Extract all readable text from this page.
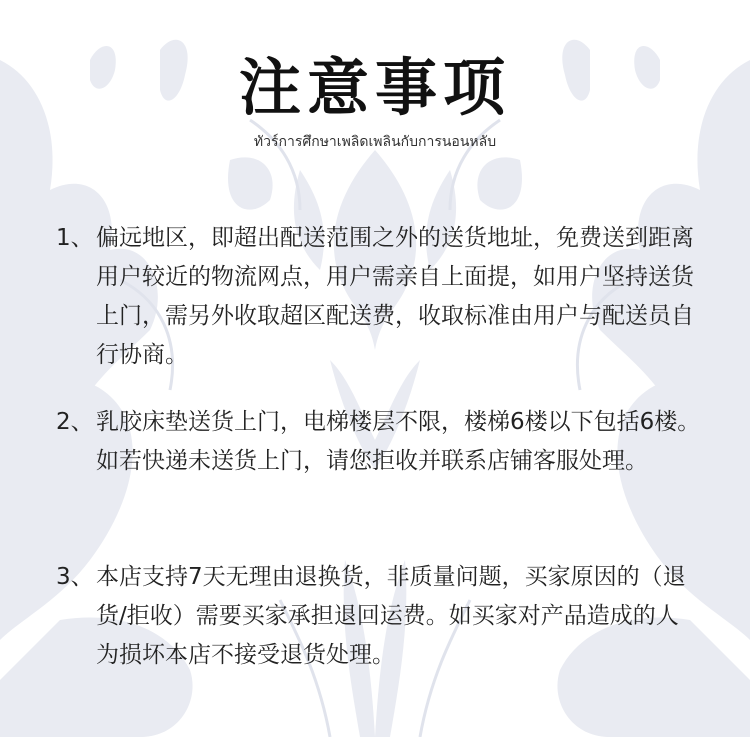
注意事项
ทัวร์การศึกษาเพลิดเพลินกับการนอนหลับ
1、 偏远地区，即超出配送范围之外的送货地址，免费送到距离用户较近的物流网点，用户需亲自上面提，如用户坚持送货上门，需另外收取超区配送费，收取标准由用户与配送员自行协商。
2、 乳胶床垫送货上门，电梯楼层不限，楼梯6楼以下包括6楼。如若快递未送货上门，请您拒收并联系店铺客服处理。
3、 本店支持7天无理由退换货，非质量问题，买家原因的（退货/拒收）需要买家承担退回运费。如买家对产品造成的人为损坏本店不接受退货处理。
